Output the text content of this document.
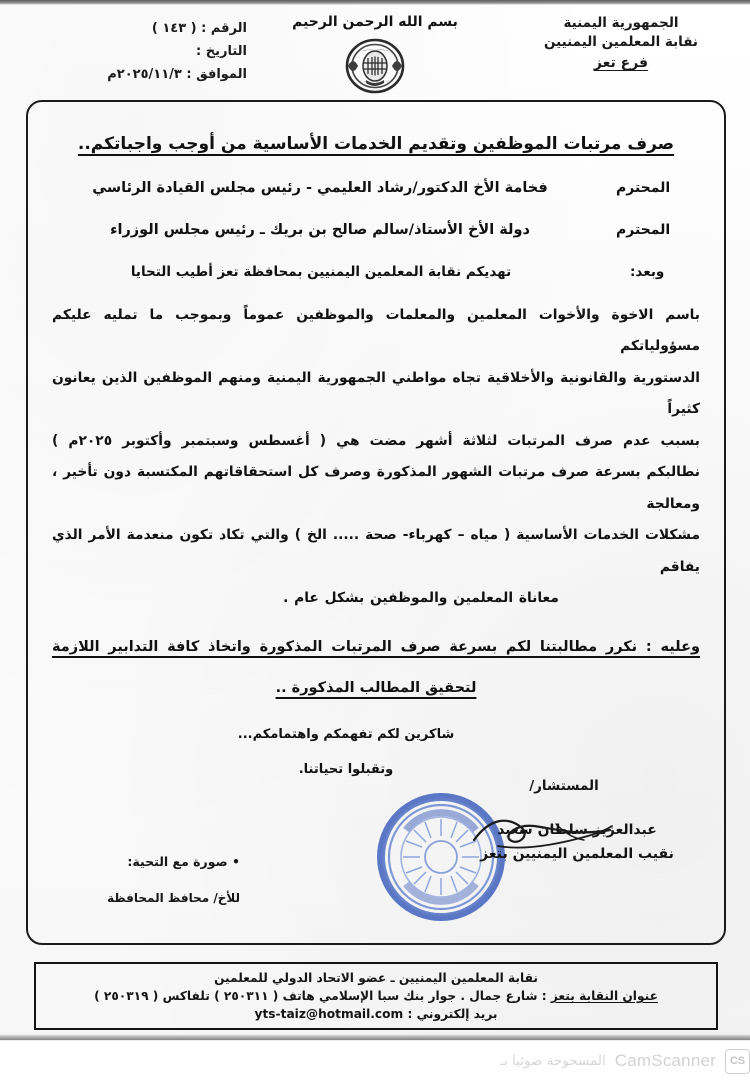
بسم الله الرحمن الرحيم	الجمهورية اليمنية
نقابة المعلمين اليمنيين
فرع تعز
الرقم : ( ١٤٣ )
التاريخ :
الموافق : ٢٠٢٥/١١/٣م
صرف مرتبات الموظفين وتقديم الخدمات الأساسية من أوجب واجباتكم..
المحترم
فخامة الأخ الدكتور/رشاد العليمي - رئيس مجلس القيادة الرئاسي
المحترم
دولة الأخ الأستاذ/سالم صالح بن بريك ـ رئيس مجلس الوزراء
وبعد:
تهديكم نقابة المعلمين اليمنيين بمحافظة تعز أطيب التحايا

باسم الاخوة والأخوات المعلمين والمعلمات والموظفين عموماً وبموجب ما تمليه عليكم مسؤولياتكم

الدستورية والقانونية والأخلاقية تجاه مواطني الجمهورية اليمنية ومنهم الموظفين الذين يعانون كثيراً

بسبب عدم صرف المرتبات لثلاثة أشهر مضت هي ( أغسطس وسبتمبر وأكتوبر ٢٠٢٥م )

نطالبكم بسرعة صرف مرتبات الشهور المذكورة وصرف كل استحقاقاتهم المكتسبة دون تأخير ، ومعالجة

مشكلات الخدمات الأساسية ( مياه – كهرباء- صحة ..... الخ ) والتي تكاد تكون منعدمة الأمر الذي يفاقم

معاناة المعلمين والموظفين بشكل عام .

وعليه : نكرر مطالبتنا لكم بسرعة صرف المرتبات المذكورة واتخاذ كافة التدابير اللازمة
لتحقيق المطالب المذكورة ..
شاكرين لكم تفهمكم واهتمامكم...
وتقبلوا تحياتنا.
المستشار/
عبدالعزيز سلطان سعيد
نقيب المعلمين اليمنيين بتعز
• صورة مع التحية:
للأخ/ محافظ المحافظة
نقابة المعلمين اليمنيين ـ عضو الاتحاد الدولي للمعلمين
عنوان النقابة بتعز : شارع جمال . جوار بنك سبا الإسلامي هاتف ( ٢٥٠٣١١ ) تلفاكس ( ٢٥٠٣١٩ )
بريد إلكتروني : yts-taiz@hotmail.com
CS
CamScanner
المسحوحة ضوئيا بـ
